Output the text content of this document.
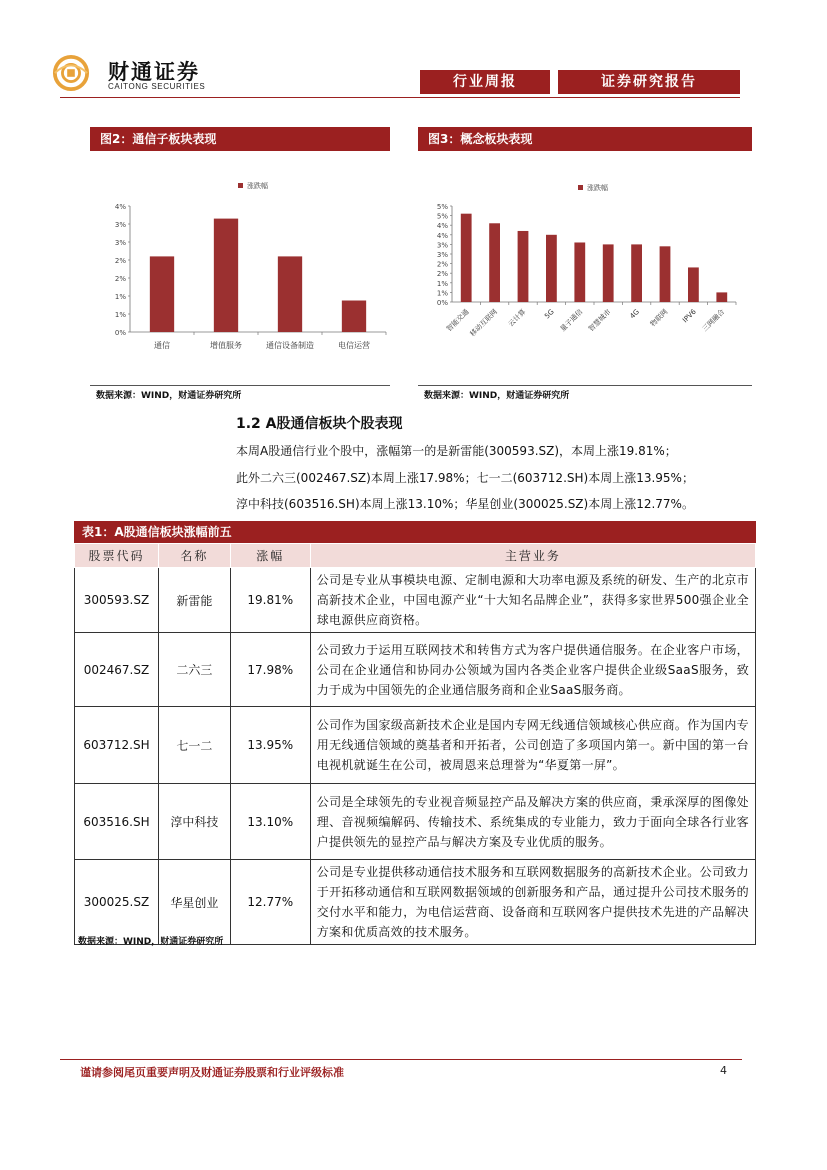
财通证券
CAITONG SECURITIES	行业周报	证券研究报告
图2：通信子板块表现	图3：概念板块表现
涨跌幅
0%
1%
1%
2%
2%
3%
3%
4%
通信	增值服务	通信设备制造	电信运营
涨跌幅
0%
1%
1%
2%
2%
3%
3%
4%
4%
5%
5%
智能交通
移动互联网 云计算 5G 量子通信 智慧城市 4G 物联网 IPV6 三网融合
数据来源：WIND，财通证券研究所	数据来源：WIND，财通证券研究所
1.2 A股通信板块个股表现

本周A股通信行业个股中，涨幅第一的是新雷能(300593.SZ)，本周上涨19.81%；

此外二六三(002467.SZ)本周上涨17.98%；七一二(603712.SH)本周上涨13.95%；

淳中科技(603516.SH)本周上涨13.10%；华星创业(300025.SZ)本周上涨12.77%。

表1：A股通信板块涨幅前五
股票代码	名称	涨幅	主营业务
300593.SZ	新雷能	19.81%	公司是专业从事模块电源、定制电源和大功率电源及系统的研发、生产的北京市高新技术企业，中国电源产业“十大知名品牌企业”，获得多家世界500强企业全球电源供应商资格。
002467.SZ	二六三	17.98%	公司致力于运用互联网技术和转售方式为客户提供通信服务。在企业客户市场，公司在企业通信和协同办公领域为国内各类企业客户提供企业级SaaS服务，致力于成为中国领先的企业通信服务商和企业SaaS服务商。
603712.SH	七一二	13.95%	公司作为国家级高新技术企业是国内专网无线通信领域核心供应商。作为国内专用无线通信领域的奠基者和开拓者，公司创造了多项国内第一。新中国的第一台电视机就诞生在公司，被周恩来总理誉为“华夏第一屏”。
603516.SH	淳中科技	13.10%	公司是全球领先的专业视音频显控产品及解决方案的供应商，秉承深厚的图像处理、音视频编解码、传输技术、系统集成的专业能力，致力于面向全球各行业客户提供领先的显控产品与解决方案及专业优质的服务。
300025.SZ	华星创业	12.77%	公司是专业提供移动通信技术服务和互联网数据服务的高新技术企业。公司致力于开拓移动通信和互联网数据领域的创新服务和产品，通过提升公司技术服务的交付水平和能力，为电信运营商、设备商和互联网客户提供技术先进的产品解决方案和优质高效的技术服务。
数据来源：WIND，财通证券研究所
谨请参阅尾页重要声明及财通证券股票和行业评级标准	4
